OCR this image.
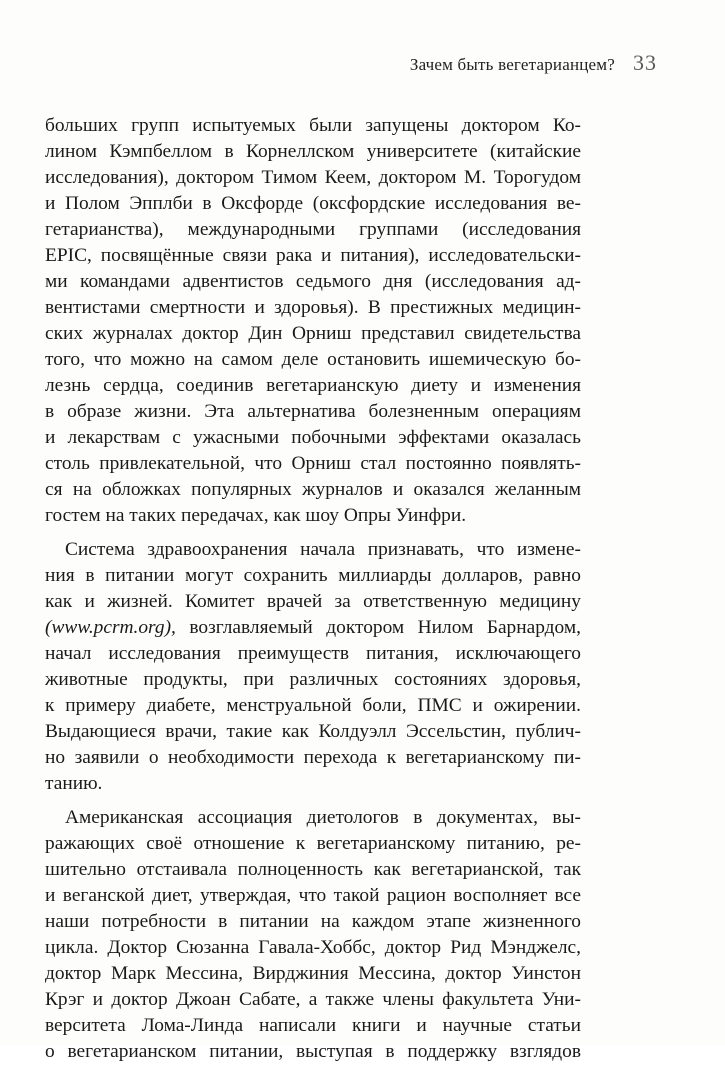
Зачем быть вегетарианцем? 33
больших групп испытуемых были запущены доктором Ко-
лином Кэмпбеллом в Корнеллском университете (китайские
исследования), доктором Тимом Кеем, доктором М. Торогудом
и Полом Эпплби в Оксфорде (оксфордские исследования ве-
гетарианства), международными группами (исследования
EPIC, посвящённые связи рака и питания), исследовательски-
ми командами адвентистов седьмого дня (исследования ад-
вентистами смертности и здоровья). В престижных медицин-
ских журналах доктор Дин Орниш представил свидетельства
того, что можно на самом деле остановить ишемическую бо-
лезнь сердца, соединив вегетарианскую диету и изменения
в образе жизни. Эта альтернатива болезненным операциям
и лекарствам с ужасными побочными эффектами оказалась
столь привлекательной, что Орниш стал постоянно появлять-
ся на обложках популярных журналов и оказался желанным
гостем на таких передачах, как шоу Опры Уинфри.
Система здравоохранения начала признавать, что измене-
ния в питании могут сохранить миллиарды долларов, равно
как и жизней. Комитет врачей за ответственную медицину
(www.pcrm.org), возглавляемый доктором Нилом Барнардом,
начал исследования преимуществ питания, исключающего
животные продукты, при различных состояниях здоровья,
к примеру диабете, менструальной боли, ПМС и ожирении.
Выдающиеся врачи, такие как Колдуэлл Эссельстин, публич-
но заявили о необходимости перехода к вегетарианскому пи-
танию.
Американская ассоциация диетологов в документах, вы-
ражающих своё отношение к вегетарианскому питанию, ре-
шительно отстаивала полноценность как вегетарианской, так
и веганской диет, утверждая, что такой рацион восполняет все
наши потребности в питании на каждом этапе жизненного
цикла. Доктор Сюзанна Гавала-Хоббс, доктор Рид Мэнджелс,
доктор Марк Мессина, Вирджиния Мессина, доктор Уинстон
Крэг и доктор Джоан Сабате, а также члены факультета Уни-
верситета Лома-Линда написали книги и научные статьи
о вегетарианском питании, выступая в поддержку взглядов
